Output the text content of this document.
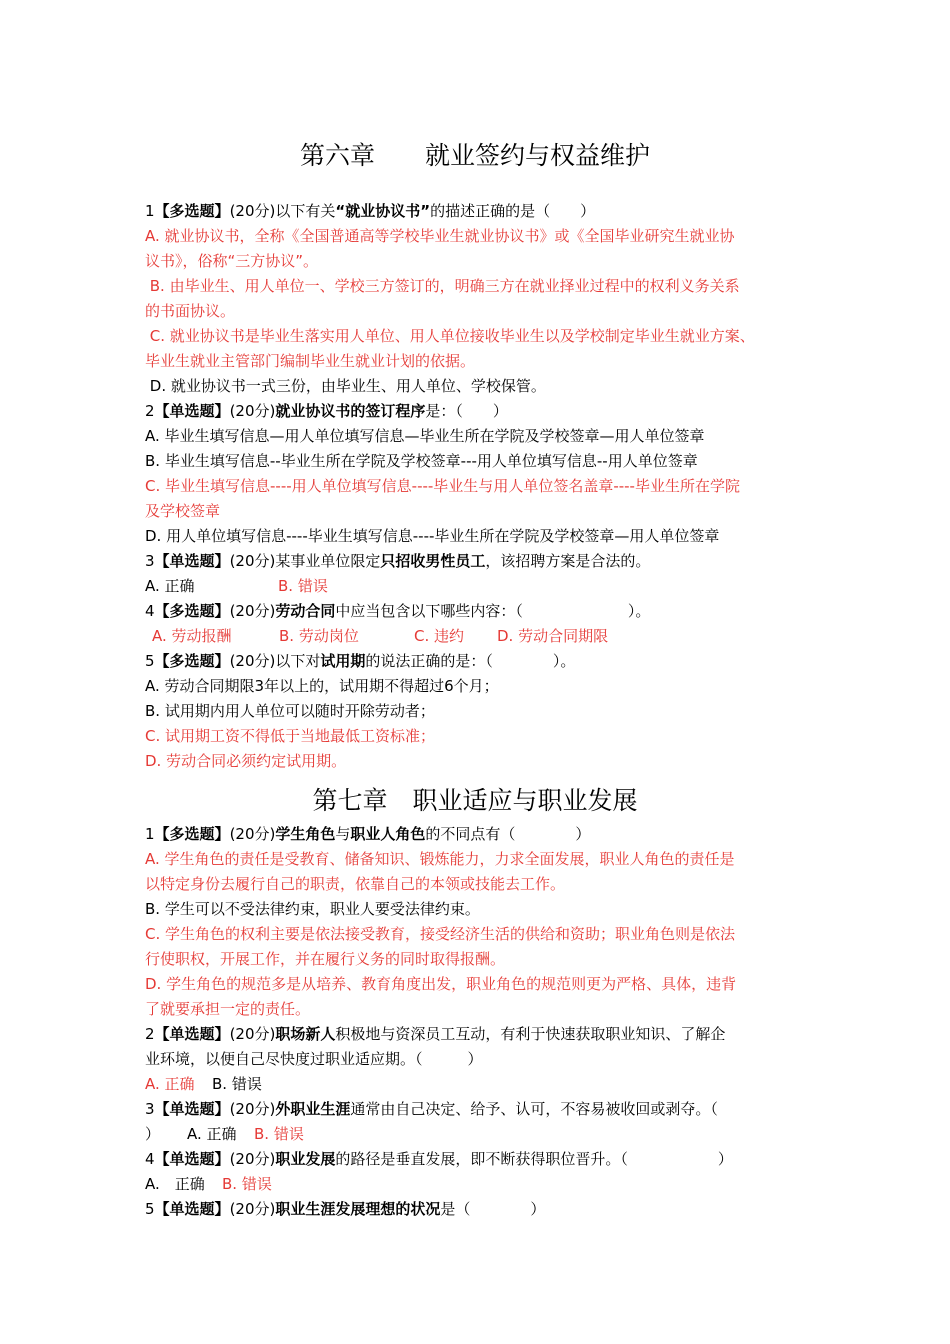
第六章　　就业签约与权益维护
1【多选题】(20分)以下有关“就业协议书”的描述正确的是（　　）
A. 就业协议书，全称《全国普通高等学校毕业生就业协议书》或《全国毕业研究生就业协
议书》，俗称“三方协议”。
B. 由毕业生、用人单位一、学校三方签订的，明确三方在就业择业过程中的权利义务关系
的书面协议。
C. 就业协议书是毕业生落实用人单位、用人单位接收毕业生以及学校制定毕业生就业方案、
毕业生就业主管部门编制毕业生就业计划的依据。
D. 就业协议书一式三份，由毕业生、用人单位、学校保管。
2【单选题】(20分)就业协议书的签订程序是：（　　）
A. 毕业生填写信息—用人单位填写信息—毕业生所在学院及学校签章—用人单位签章
B. 毕业生填写信息--毕业生所在学院及学校签章---用人单位填写信息--用人单位签章
C. 毕业生填写信息----用人单位填写信息----毕业生与用人单位签名盖章----毕业生所在学院
及学校签章
D. 用人单位填写信息----毕业生填写信息----毕业生所在学院及学校签章—用人单位签章
3【单选题】(20分)某事业单位限定只招收男性员工，该招聘方案是合法的。
A. 正确	B. 错误
4【多选题】(20分)劳动合同中应当包含以下哪些内容：（　　　　　　　）。
A. 劳动报酬	B. 劳动岗位	C. 违约 D. 劳动合同期限
5【多选题】(20分)以下对试用期的说法正确的是：（　　　　）。
A. 劳动合同期限3年以上的，试用期不得超过6个月；
B. 试用期内用人单位可以随时开除劳动者；
C. 试用期工资不得低于当地最低工资标准；
D. 劳动合同必须约定试用期。
第七章　职业适应与职业发展
1【多选题】(20分)学生角色与职业人角色的不同点有（　　　　）
A. 学生角色的责任是受教育、储备知识、锻炼能力，力求全面发展，职业人角色的责任是
以特定身份去履行自己的职责，依靠自己的本领或技能去工作。
B. 学生可以不受法律约束，职业人要受法律约束。
C. 学生角色的权利主要是依法接受教育，接受经济生活的供给和资助；职业角色则是依法
行使职权，开展工作，并在履行义务的同时取得报酬。
D. 学生角色的规范多是从培养、教育角度出发，职业角色的规范则更为严格、具体，违背
了就要承担一定的责任。
2【单选题】(20分)职场新人积极地与资深员工互动，有利于快速获取职业知识、了解企
业环境，以便自己尽快度过职业适应期。（　　　）
A. 正确 B. 错误
3【单选题】(20分)外职业生涯通常由自己决定、给予、认可，不容易被收回或剥夺。（
） A. 正确 B. 错误
4【单选题】(20分)职业发展的路径是垂直发展，即不断获得职位晋升。（　　　　　　）
A.　正确 B. 错误
5【单选题】(20分)职业生涯发展理想的状况是（　　　　）
